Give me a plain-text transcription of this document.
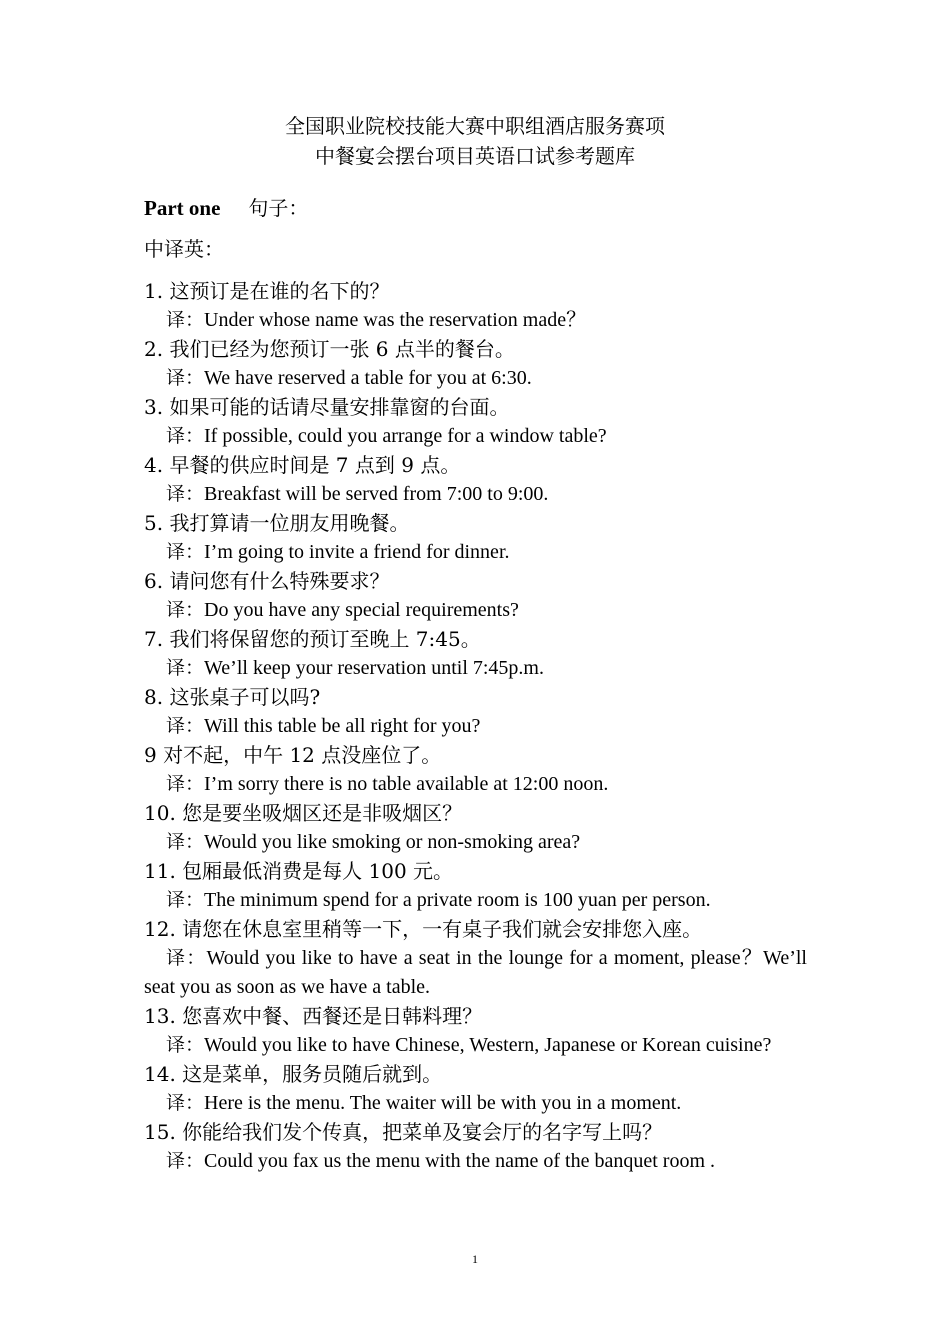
全国职业院校技能大赛中职组酒店服务赛项
中餐宴会摆台项目英语口试参考题库
Part one 句子：
中译英：

1. 这预订是在谁的名下的？

译：Under whose name was the reservation made？

2. 我们已经为您预订一张 6 点半的餐台。

译：We have reserved a table for you at 6:30.

3. 如果可能的话请尽量安排靠窗的台面。

译：If possible, could you arrange for a window table?

4. 早餐的供应时间是 7 点到 9 点。

译：Breakfast will be served from 7:00 to 9:00.

5. 我打算请一位朋友用晚餐。

译：I’m going to invite a friend for dinner.

6. 请问您有什么特殊要求？

译：Do you have any special requirements?

7. 我们将保留您的预订至晚上 7:45。

译：We’ll keep your reservation until 7:45p.m.

8. 这张桌子可以吗?

译：Will this table be all right for you?

9 对不起，中午 12 点没座位了。

译：I’m sorry there is no table available at 12:00 noon.

10. 您是要坐吸烟区还是非吸烟区？

译：Would you like smoking or non-smoking area?

11. 包厢最低消费是每人 100 元。

译：The minimum spend for a private room is 100 yuan per person.

12. 请您在休息室里稍等一下，一有桌子我们就会安排您入座。

译：Would you like to have a seat in the lounge for a moment, please？We’ll seat you as soon as we have a table.

13. 您喜欢中餐、西餐还是日韩料理？

译：Would you like to have Chinese, Western, Japanese or Korean cuisine?

14. 这是菜单，服务员随后就到。

译：Here is the menu. The waiter will be with you in a moment.

15. 你能给我们发个传真，把菜单及宴会厅的名字写上吗？

译：Could you fax us the menu with the name of the banquet room .

1
